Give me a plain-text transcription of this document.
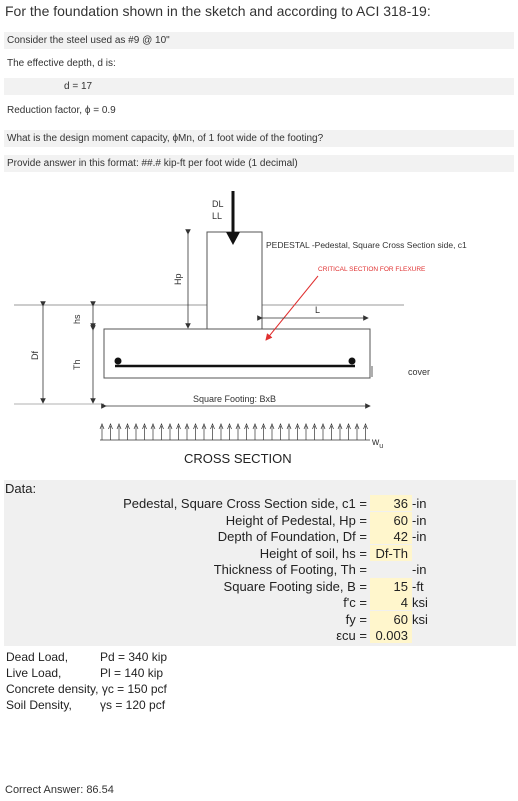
For the foundation shown in the sketch and according to ACI 318-19:
Consider the steel used as #9 @ 10"
The effective depth, d is:
d = 17
Reduction factor, ϕ = 0.9
What is the design moment capacity, ϕMn, of 1 foot wide of the footing?
Provide answer in this format: ##.# kip-ft per foot wide (1 decimal)
DL
LL
Hp
PEDESTAL -Pedestal, Square Cross Section side, c1
CRITICAL SECTION FOR FLEXURE
L
Df
hs
Th
cover
Square Footing: BxB
$w_u$
CROSS SECTION
Data:
Pedestal, Square Cross Section side, c1 =	36 -in
Height of Pedestal, Hp =	60 -in
Depth of Foundation, Df =	42 -in
Height of soil, hs = Df-Th
Thickness of Footing, Th =	-in
Square Footing side, B =	15 -ft
f'c =	4 ksi
fy =	60 ksi
εcu = 0.003
Dead Load,	Pd = 340 kip
Live Load,	Pl = 140 kip
Concrete density, γc = 150 pcf
Soil Density, γs = 120 pcf
Correct Answer: 86.54
